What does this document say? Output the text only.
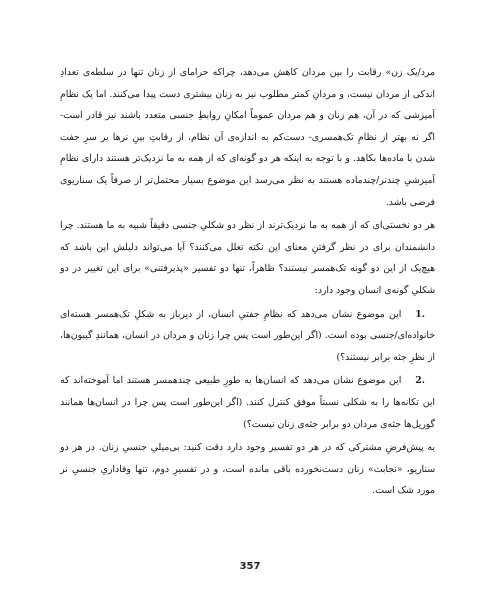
مرد/یک زن» رقابت را بین مردان کاهش می‌دهد، چراکه حرامای از زنان تنها در سلطه‌ی تعدادِ اندکی از مردان نیست، و مردانِ کمتر مطلوب نیز به زنان بیشتری دست پیدا می‌کنند. اما یک نظامِ آمیزشی که در آن، هم زنان و هم مردان عموماً امکانِ روابطِ جنسی متعدد باشند نیز قادر است- اگر نه بهتر از نظامِ تک‌همسری- دست‌کم به اندازه‌ی آن نظام، از رقابتِ بینِ نرها بر سرِ جفت شدن با ماده‌ها بکاهد. و با توجه به اینکه هر دو گونه‌ای که از همه به ما نزدیک‌تر هستند دارای نظامِ آمیزشیِ چندنر/چندماده هستند به نظر می‌رسد این موضوع بسیار محتمل‌تر از صرفاً یک سناریوی فرضی باشد.

هر دو نخستی‌ای که از همه به ما نزدیک‌ترند از نظر دو شکلیِ جنسی دقیقاً شبیه به ما هستند. چرا دانشمندان برای در نظر گرفتنِ معنای این نکته تعلل می‌کنند؟ آیا می‌تواند دلیلش این باشد که هیچ‌یک از این دو گونه تک‌همسر نیستند؟ ظاهراً، تنها دو تفسیر «پذیرفتنی» برای این تغییر در دو شکلیِ گونه‌ی انسان وجود دارد:

1.این موضوع نشان می‌دهد که نظامِ جفتیِ انسان، از دیرباز به شکلِ تک‌همسر هسته‌ای خانواده‌ای‌/جنسی بوده است. (اگر این‌طور است پس چرا زنان و مردان در انسان، همانندِ گیبون‌ها، از نظرِ جثه برابر نیستند؟)

2.این موضوع نشان می‌دهد که انسان‌ها به طورِ طبیعی چندهمسر هستند اما آموخته‌اند که این تکانه‌ها را به شکلی نسبتاً موفق کنترل کنند. (اگر این‌طور است پس چرا در انسان‌ها همانند گوریل‌ها جثه‌ی مردان دو برابر جثه‌ی زنان نیست؟)

به پیش‌فرضِ مشترکی که در هر دو تفسیر وجود دارد دقت کنید: بی‌میلیِ جنسیِ زنان. در هر دو سناریو، «نجابت» زنان دست‌نخورده باقی مانده است، و در تفسیرِ دوم، تنها وفاداریِ جنسیِ نر مورد شک است.

357
